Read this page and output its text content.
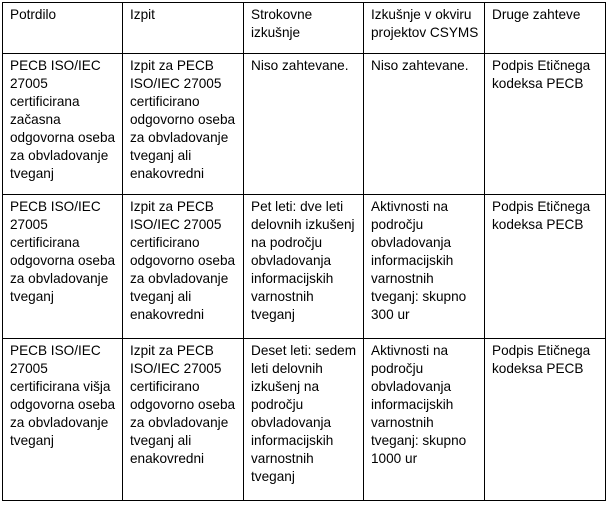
Potrdilo	Izpit	Strokovne izkušnje	Izkušnje v okviru projektov CSYMS	Druge zahteve
PECB ISO/IEC 27005 certificirana začasna odgovorna oseba za obvladovanje tveganj	Izpit za PECB ISO/IEC 27005 certificirano odgovorno oseba za obvladovanje tveganj ali enakovredni	Niso zahtevane.	Niso zahtevane.	Podpis Etičnega kodeksa PECB
PECB ISO/IEC 27005 certificirana odgovorna oseba za obvladovanje tveganj	Izpit za PECB ISO/IEC 27005 certificirano odgovorno oseba za obvladovanje tveganj ali enakovredni	Pet leti: dve leti delovnih izkušenj na področju obvladovanja informacijskih varnostnih tveganj	Aktivnosti na področju obvladovanja informacijskih varnostnih tveganj: skupno 300 ur	Podpis Etičnega kodeksa PECB
PECB ISO/IEC 27005 certificirana višja odgovorna oseba za obvladovanje tveganj	Izpit za PECB ISO/IEC 27005 certificirano odgovorno oseba za obvladovanje tveganj ali enakovredni	Deset leti: sedem leti delovnih izkušenj na področju obvladovanja informacijskih varnostnih tveganj	Aktivnosti na področju obvladovanja informacijskih varnostnih tveganj: skupno 1000 ur	Podpis Etičnega kodeksa PECB
